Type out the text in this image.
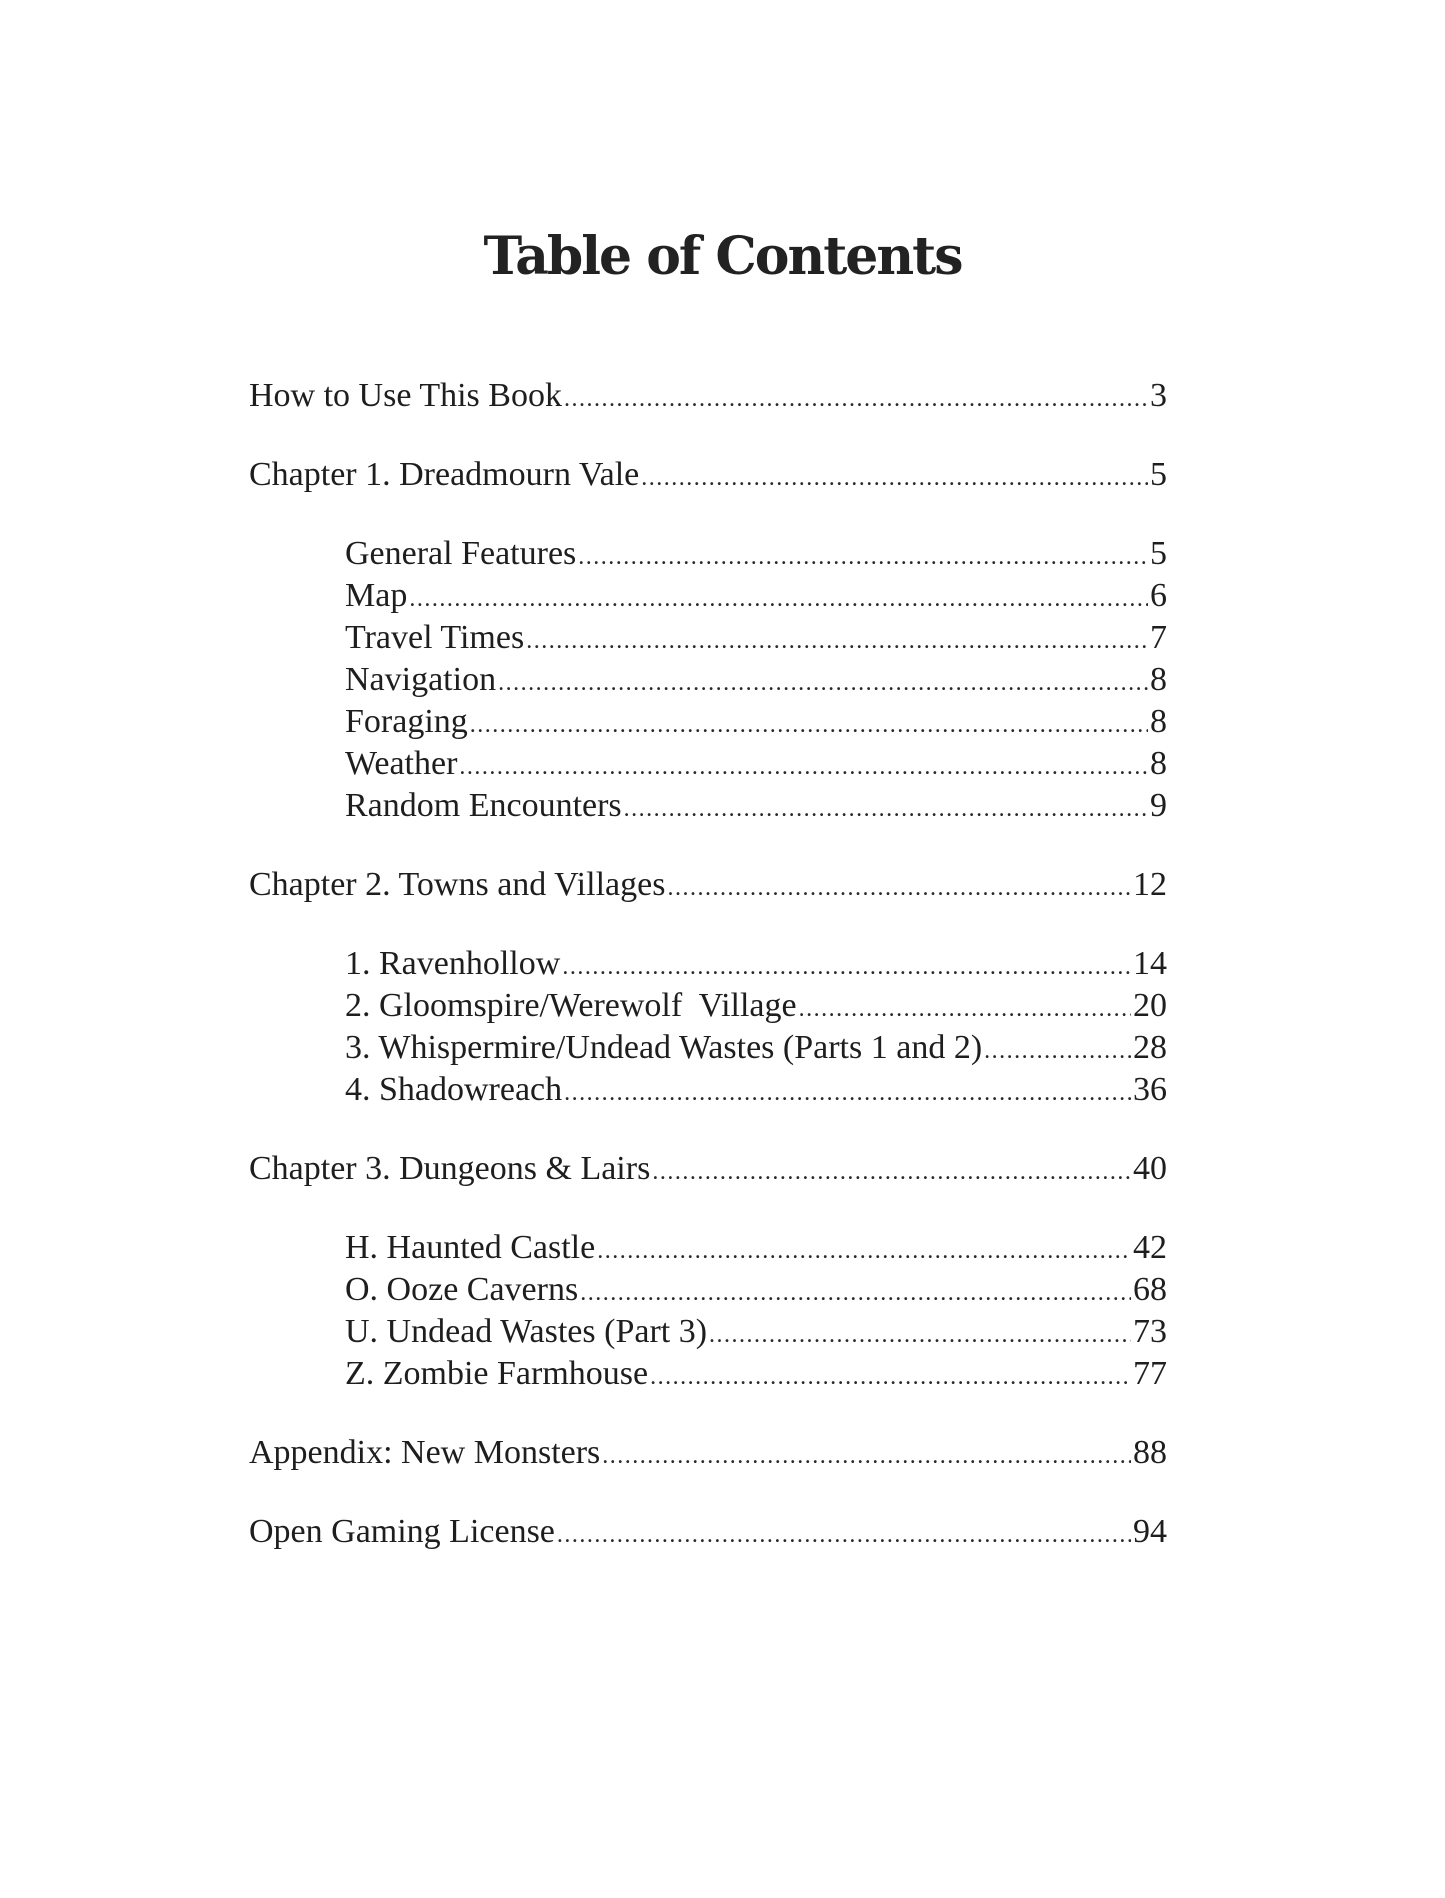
Table of Contents
How to Use This Book .....	3
Chapter 1. Dreadmourn Vale .....	5
General Features .....	5
Map .....	6
Travel Times .....	7
Navigation .....	8
Foraging .....	8
Weather .....	8
Random Encounters .....	9
Chapter 2. Towns and Villages .....	12
1. Ravenhollow .....	14
2. Gloomspire/Werewolf  Village .....	20
3. Whispermire/Undead Wastes (Parts 1 and 2) .....	28
4. Shadowreach .....	36
Chapter 3. Dungeons & Lairs .....	40
H. Haunted Castle .....	42
O. Ooze Caverns .....	68
U. Undead Wastes (Part 3) .....	73
Z. Zombie Farmhouse .....	77
Appendix: New Monsters .....	88
Open Gaming License .....	94
